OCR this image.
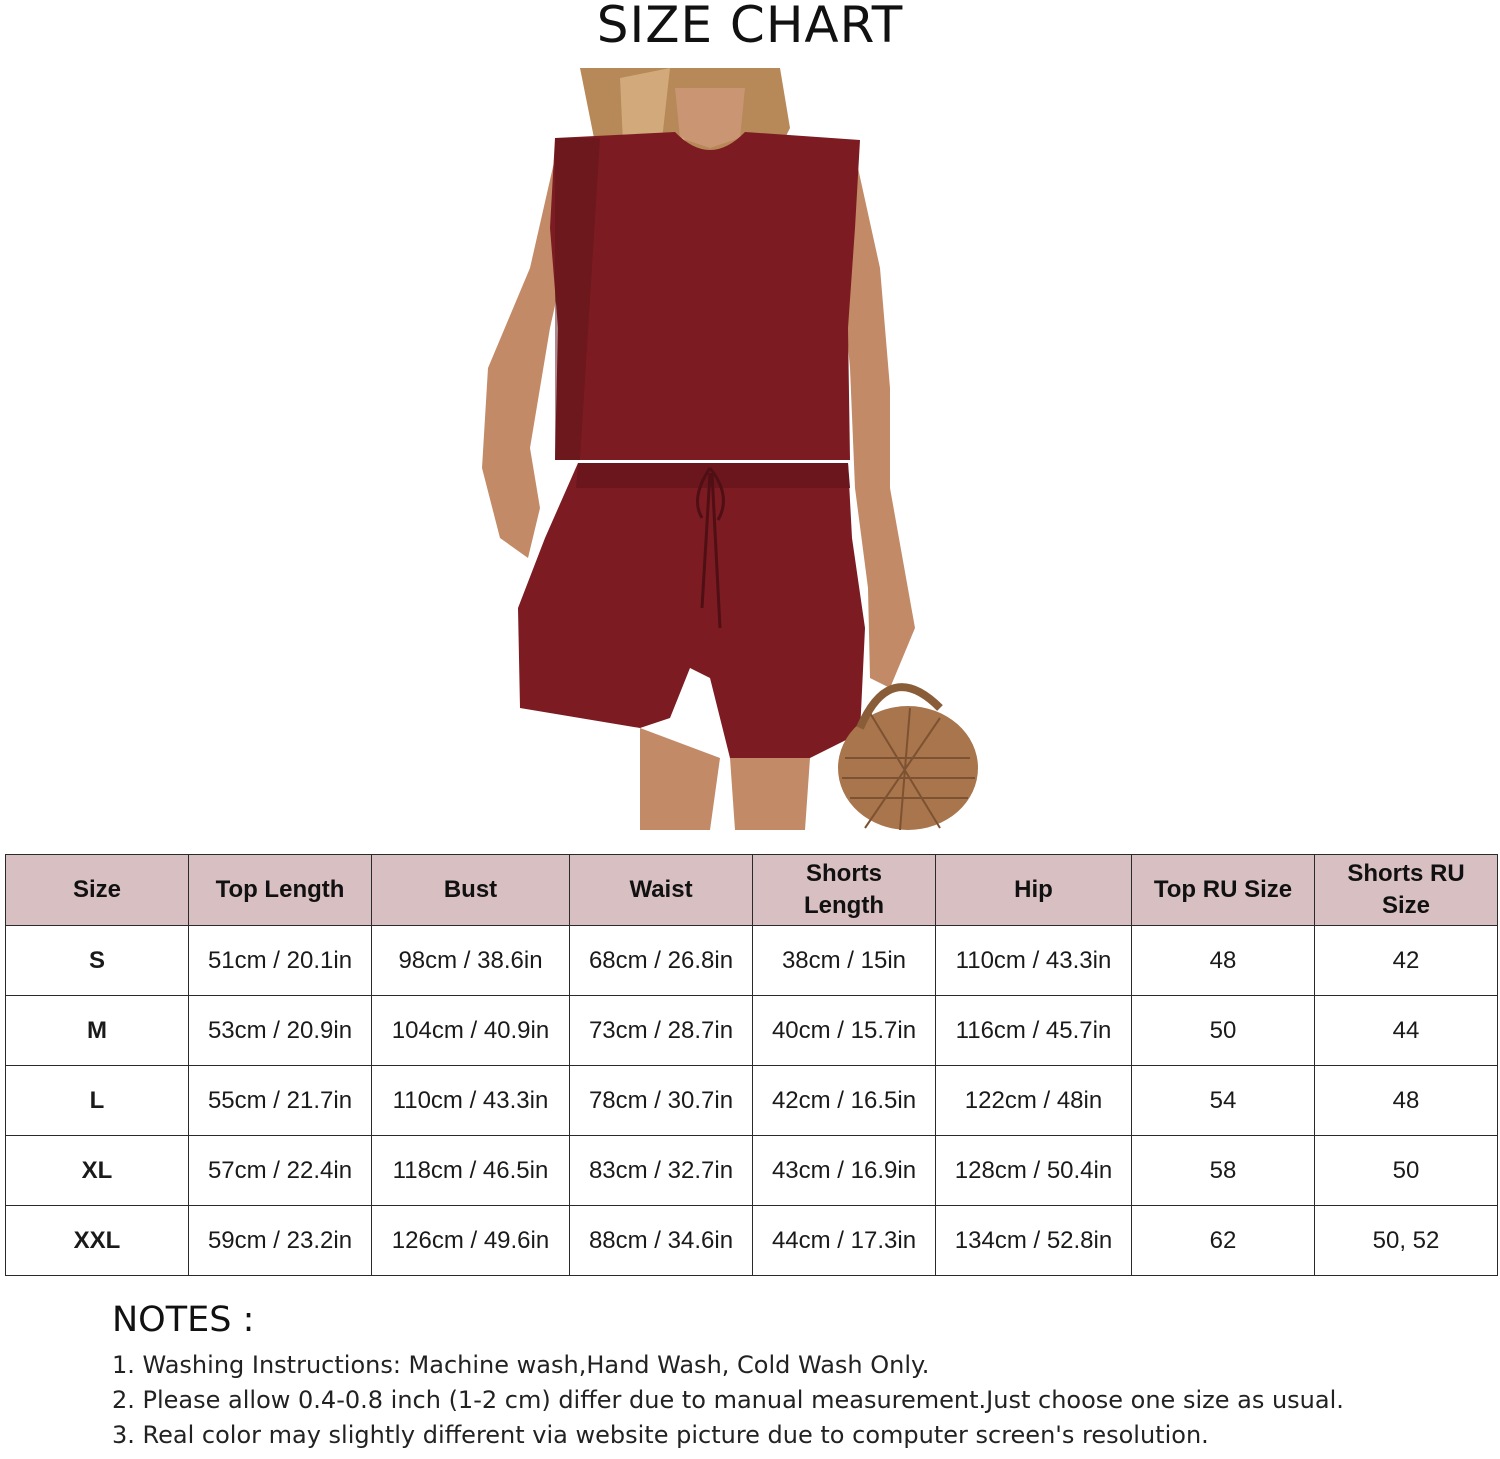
SIZE CHART
Size	Top Length	Bust	Waist	Shorts Length	Hip	Top RU Size	Shorts RU Size
S	51cm / 20.1in	98cm / 38.6in	68cm / 26.8in	38cm / 15in	110cm / 43.3in	48	42
M	53cm / 20.9in	104cm / 40.9in	73cm / 28.7in	40cm / 15.7in	116cm / 45.7in	50	44
L	55cm / 21.7in	110cm / 43.3in	78cm / 30.7in	42cm / 16.5in	122cm / 48in	54	48
XL	57cm / 22.4in	118cm / 46.5in	83cm / 32.7in	43cm / 16.9in	128cm / 50.4in	58	50
XXL	59cm / 23.2in	126cm / 49.6in	88cm / 34.6in	44cm / 17.3in	134cm / 52.8in	62	50, 52
NOTES :
1. Washing Instructions: Machine wash,Hand Wash, Cold Wash Only.
2. Please allow 0.4-0.8 inch (1-2 cm) differ due to manual measurement.Just choose one size as usual.
3. Real color may slightly different via website picture due to computer screen's resolution.
